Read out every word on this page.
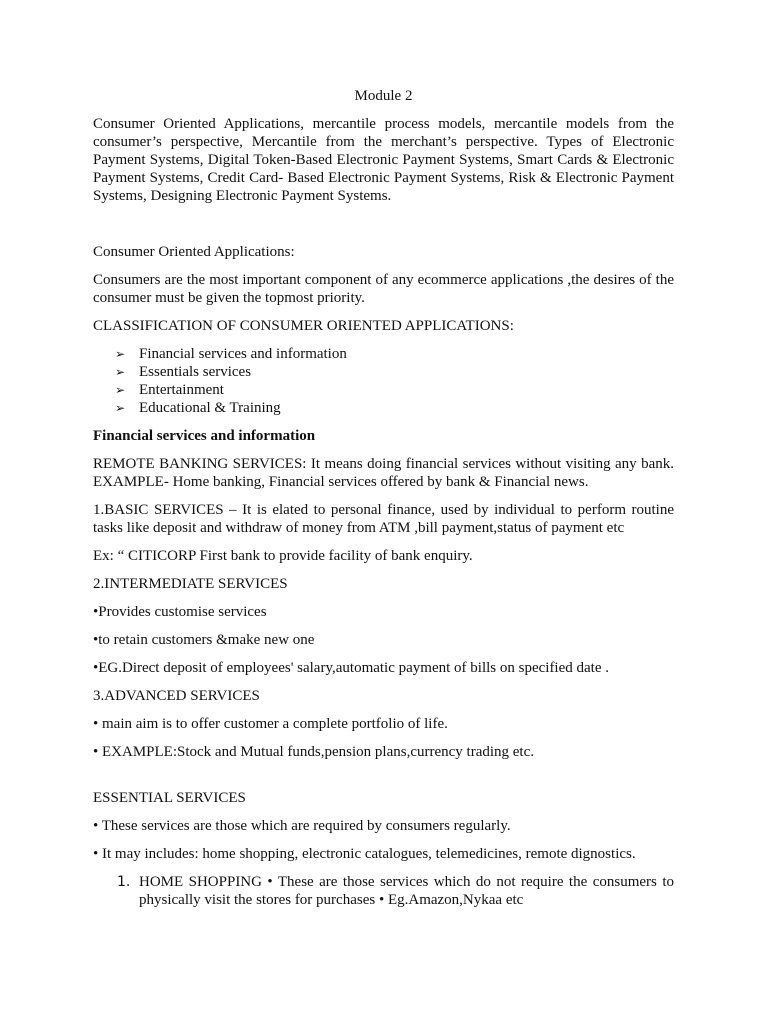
Module 2
Consumer Oriented Applications, mercantile process models, mercantile models from the consumer’s perspective, Mercantile from the merchant’s perspective. Types of Electronic Payment Systems, Digital Token-Based Electronic Payment Systems, Smart Cards & Electronic Payment Systems, Credit Card- Based Electronic Payment Systems, Risk & Electronic Payment Systems, Designing Electronic Payment Systems.
Consumer Oriented Applications:
Consumers are the most important component of any ecommerce applications ,the desires of the consumer must be given the topmost priority.
CLASSIFICATION OF CONSUMER ORIENTED APPLICATIONS:
➢ Financial services and information
➢ Essentials services
➢ Entertainment
➢ Educational & Training
Financial services and information
REMOTE BANKING SERVICES: It means doing financial services without visiting any bank. EXAMPLE- Home banking, Financial services offered by bank & Financial news.
1.BASIC SERVICES – It is elated to personal finance, used by individual to perform routine tasks like deposit and withdraw of money from ATM ,bill payment,status of payment etc
Ex: “ CITICORP First bank to provide facility of bank enquiry.
2.INTERMEDIATE SERVICES
•Provides customise services
•to retain customers &make new one
•EG.Direct deposit of employees' salary,automatic payment of bills on specified date .
3.ADVANCED SERVICES
• main aim is to offer customer a complete portfolio of life.
• EXAMPLE:Stock and Mutual funds,pension plans,currency trading etc.
ESSENTIAL SERVICES
• These services are those which are required by consumers regularly.
• It may includes: home shopping, electronic catalogues, telemedicines, remote dignostics.
1. HOME SHOPPING • These are those services which do not require the consumers to physically visit the stores for purchases • Eg.Amazon,Nykaa etc
